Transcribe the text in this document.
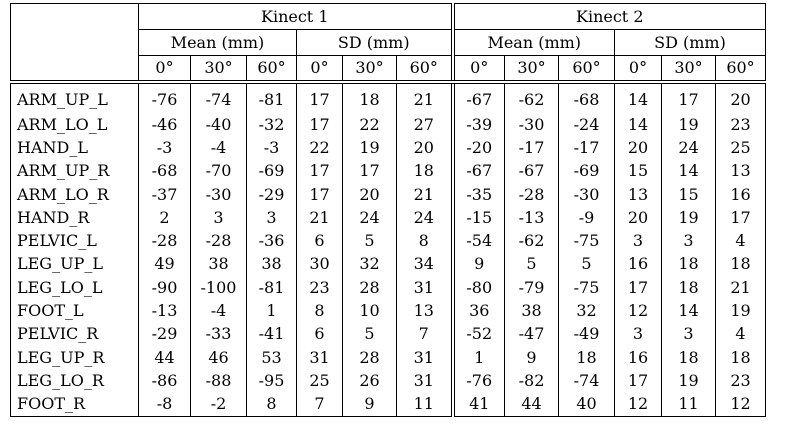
	Kinect 1						Kinect 2					
	Mean (mm)			SD (mm)			Mean (mm)			SD (mm)		
	0°	30°	60°	0°	30°	60°	0°	30°	60°	0°	30°	60°
ARM_UP_L	-76	-74	-81	17	18	21	-67	-62	-68	14	17	20
ARM_LO_L	-46	-40	-32	17	22	27	-39	-30	-24	14	19	23
HAND_L	-3	-4	-3	22	19	20	-20	-17	-17	20	24	25
ARM_UP_R	-68	-70	-69	17	17	18	-67	-67	-69	15	14	13
ARM_LO_R	-37	-30	-29	17	20	21	-35	-28	-30	13	15	16
HAND_R	2	3	3	21	24	24	-15	-13	-9	20	19	17
PELVIC_L	-28	-28	-36	6	5	8	-54	-62	-75	3	3	4
LEG_UP_L	49	38	38	30	32	34	9	5	5	16	18	18
LEG_LO_L	-90	-100	-81	23	28	31	-80	-79	-75	17	18	21
FOOT_L	-13	-4	1	8	10	13	36	38	32	12	14	19
PELVIC_R	-29	-33	-41	6	5	7	-52	-47	-49	3	3	4
LEG_UP_R	44	46	53	31	28	31	1	9	18	16	18	18
LEG_LO_R	-86	-88	-95	25	26	31	-76	-82	-74	17	19	23
FOOT_R	-8	-2	8	7	9	11	41	44	40	12	11	12
